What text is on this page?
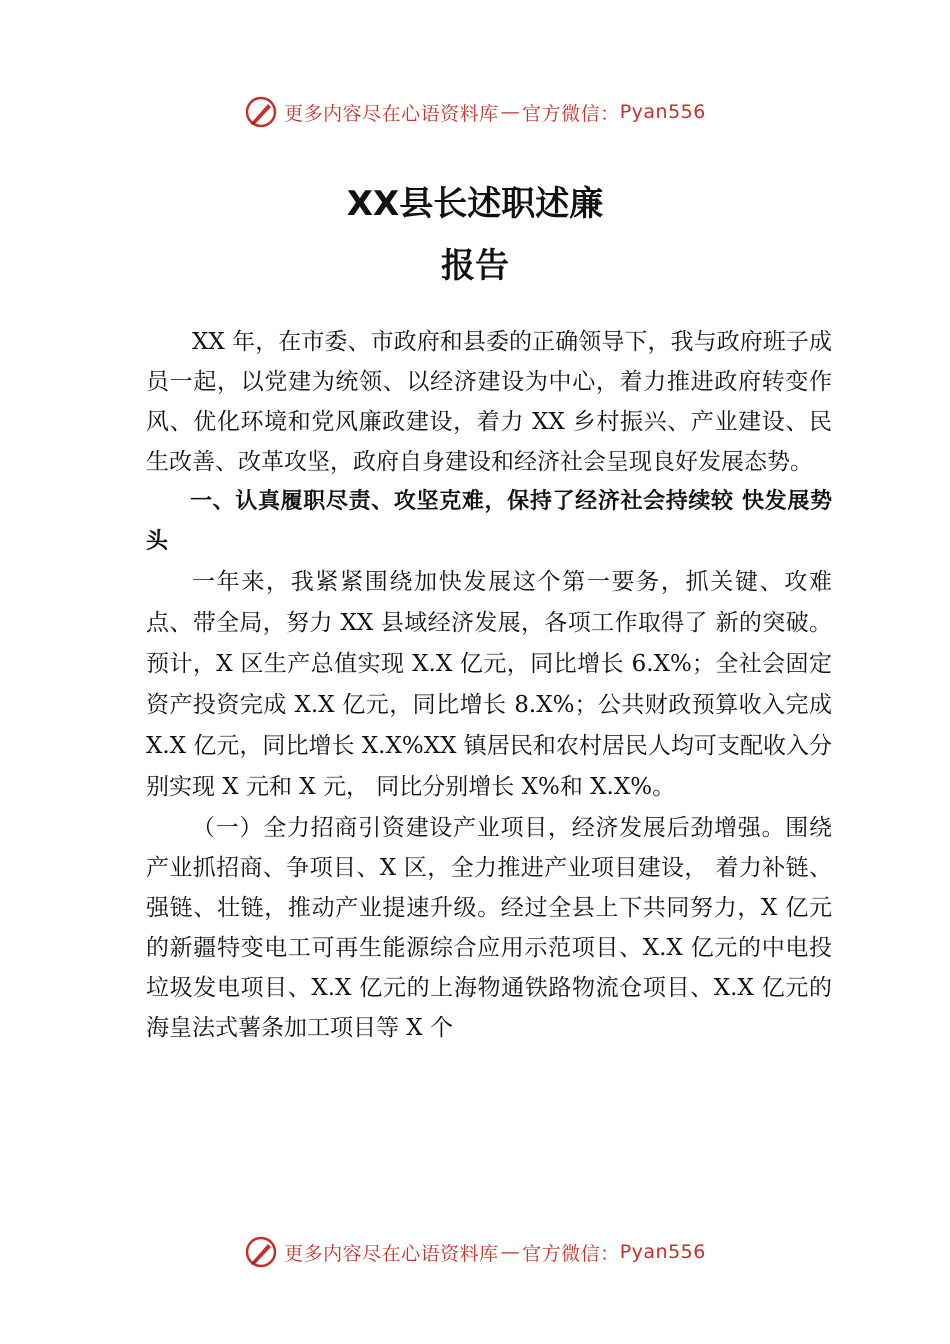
更多内容尽在心语资料库 — 官方微信： Pyan556
XX县长述职述廉
报告

XX 年，在市委、市政府和县委的正确领导下，我与政府班子成员一起，以党建为统领、以经济建设为中心，着力推进政府转变作风、优化环境和党风廉政建设，着力 XX 乡村振兴、产业建设、民生改善、改革攻坚，政府自身建设和经济社会呈现良好发展态势。

一、认真履职尽责、攻坚克难，保持了经济社会持续较 快发展势头

一年来，我紧紧围绕加快发展这个第一要务，抓关键、攻难点、带全局，努力 XX 县域经济发展，各项工作取得了 新的突破。预计，X 区生产总值实现 X.X 亿元，同比增长 6.X%；全社会固定资产投资完成 X.X 亿元，同比增长 8.X%；公共财政预算收入完成 X.X 亿元，同比增长 X.X%XX 镇居民和农村居民人均可支配收入分别实现 X 元和 X 元， 同比分别增长 X%和 X.X%。

（一）全力招商引资建设产业项目，经济发展后劲增强。围绕产业抓招商、争项目、X 区，全力推进产业项目建设， 着力补链、强链、壮链，推动产业提速升级。经过全县上下共同努力，X 亿元的新疆特变电工可再生能源综合应用示范项目、X.X 亿元的中电投垃圾发电项目、X.X 亿元的上海物通铁路物流仓项目、X.X 亿元的海皇法式薯条加工项目等 X 个

更多内容尽在心语资料库 — 官方微信： Pyan556
